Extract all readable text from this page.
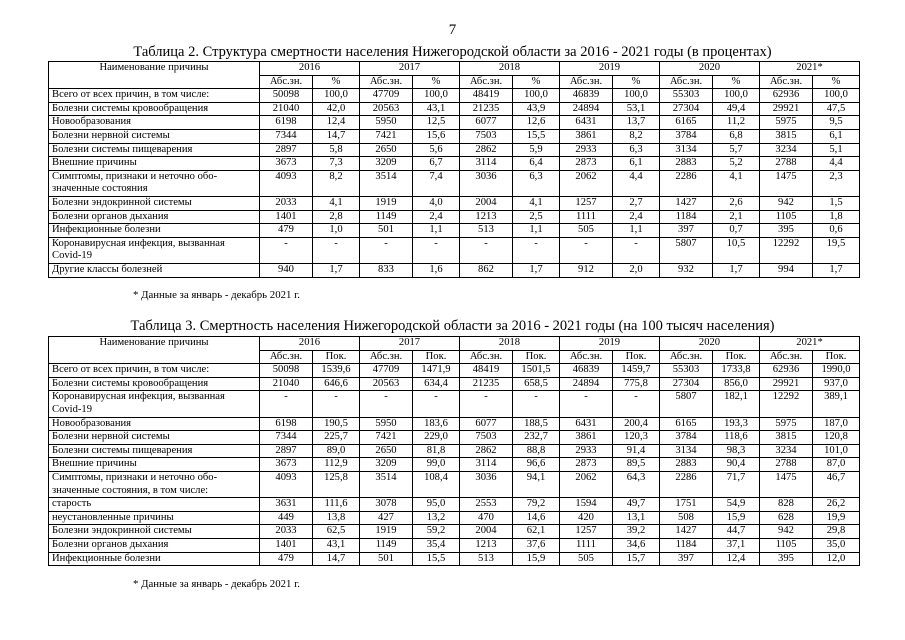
7
Таблица 2. Структура смертности населения Нижегородской области за 2016 - 2021 годы (в процентах)
Наименование причины	2016		2017		2018		2019		2020		2021*	
	Абс.зн.	%	Абс.зн.	%	Абс.зн.	%	Абс.зн.	%	Абс.зн.	%	Абс.зн.	%
Всего от всех причин, в том числе:	50098	100,0	47709	100,0	48419	100,0	46839	100,0	55303	100,0	62936	100,0
Болезни системы кровообращения	21040	42,0	20563	43,1	21235	43,9	24894	53,1	27304	49,4	29921	47,5
Новообразования	6198	12,4	5950	12,5	6077	12,6	6431	13,7	6165	11,2	5975	9,5
Болезни нервной системы	7344	14,7	7421	15,6	7503	15,5	3861	8,2	3784	6,8	3815	6,1
Болезни системы пищеварения	2897	5,8	2650	5,6	2862	5,9	2933	6,3	3134	5,7	3234	5,1
Внешние причины	3673	7,3	3209	6,7	3114	6,4	2873	6,1	2883	5,2	2788	4,4
Симптомы, признаки и неточно обо-значенные состояния	4093	8,2	3514	7,4	3036	6,3	2062	4,4	2286	4,1	1475	2,3
Болезни эндокринной системы	2033	4,1	1919	4,0	2004	4,1	1257	2,7	1427	2,6	942	1,5
Болезни органов дыхания	1401	2,8	1149	2,4	1213	2,5	1111	2,4	1184	2,1	1105	1,8
Инфекционные болезни	479	1,0	501	1,1	513	1,1	505	1,1	397	0,7	395	0,6
Коронавирусная инфекция, вызванная Covid-19	-	-	-	-	-	-	-	-	5807	10,5	12292	19,5
Другие классы болезней	940	1,7	833	1,6	862	1,7	912	2,0	932	1,7	994	1,7
* Данные за январь - декабрь 2021 г.
Таблица 3. Смертность населения Нижегородской области за 2016 - 2021 годы (на 100 тысяч населения)
Наименование причины	2016		2017		2018		2019		2020		2021*	
	Абс.зн.	Пок.	Абс.зн.	Пок.	Абс.зн.	Пок.	Абс.зн.	Пок.	Абс.зн.	Пок.	Абс.зн.	Пок.
Всего от всех причин, в том числе:	50098	1539,6	47709	1471,9	48419	1501,5	46839	1459,7	55303	1733,8	62936	1990,0
Болезни системы кровообращения	21040	646,6	20563	634,4	21235	658,5	24894	775,8	27304	856,0	29921	937,0
Коронавирусная инфекция, вызванная Covid-19	-	-	-	-	-	-	-	-	5807	182,1	12292	389,1
Новообразования	6198	190,5	5950	183,6	6077	188,5	6431	200,4	6165	193,3	5975	187,0
Болезни нервной системы	7344	225,7	7421	229,0	7503	232,7	3861	120,3	3784	118,6	3815	120,8
Болезни системы пищеварения	2897	89,0	2650	81,8	2862	88,8	2933	91,4	3134	98,3	3234	101,0
Внешние причины	3673	112,9	3209	99,0	3114	96,6	2873	89,5	2883	90,4	2788	87,0
Симптомы, признаки и неточно обо-значенные состояния, в том числе:	4093	125,8	3514	108,4	3036	94,1	2062	64,3	2286	71,7	1475	46,7
старость	3631	111,6	3078	95,0	2553	79,2	1594	49,7	1751	54,9	828	26,2
неустановленные причины	449	13,8	427	13,2	470	14,6	420	13,1	508	15,9	628	19,9
Болезни эндокринной системы	2033	62,5	1919	59,2	2004	62,1	1257	39,2	1427	44,7	942	29,8
Болезни органов дыхания	1401	43,1	1149	35,4	1213	37,6	1111	34,6	1184	37,1	1105	35,0
Инфекционные болезни	479	14,7	501	15,5	513	15,9	505	15,7	397	12,4	395	12,0
* Данные за январь - декабрь 2021 г.
